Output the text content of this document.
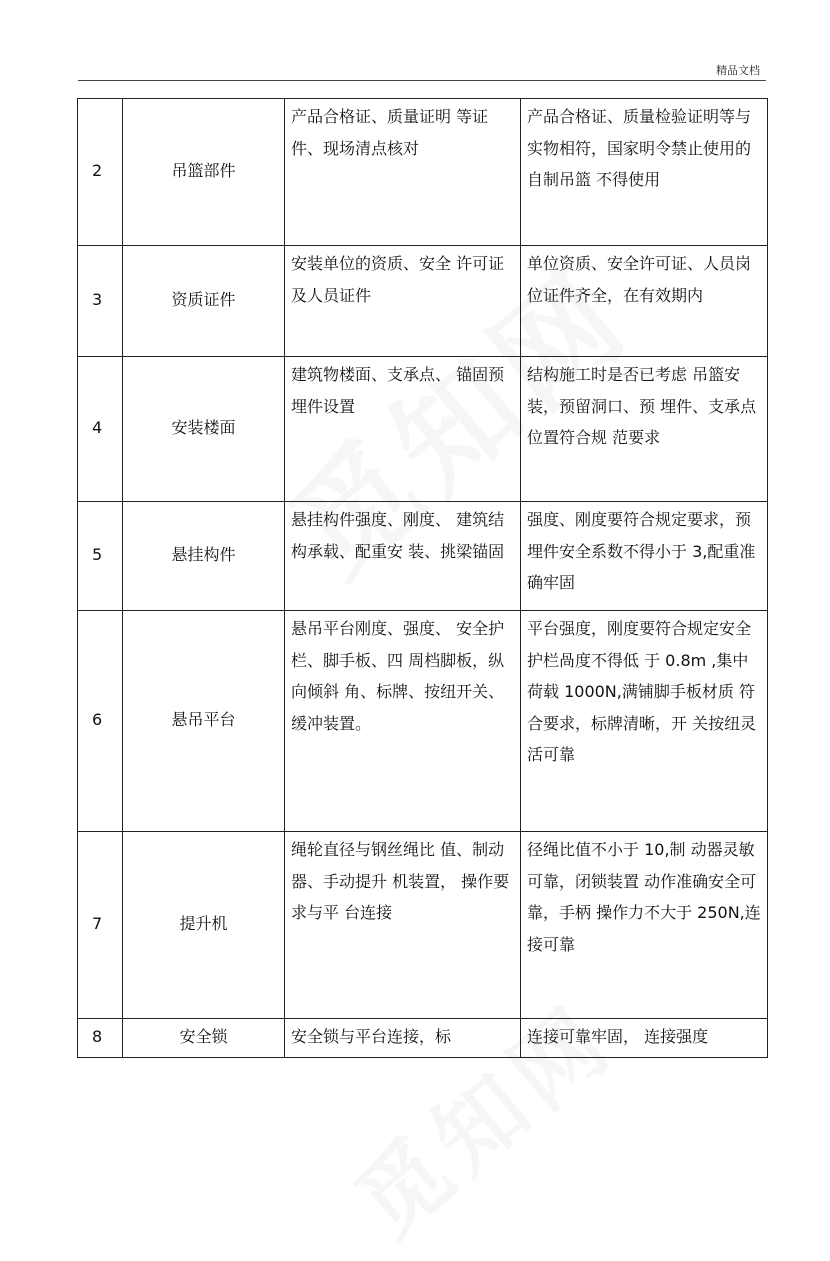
精品文档
2	吊篮部件	产品合格证、质量证明 等证件、现场清点核对	产品合格证、质量检验证明等与实物相符，国家明令禁止使用的自制吊篮 不得使用
3	资质证件	安装单位的资质、安全 许可证及人员证件	单位资质、安全许可证、人员岗位证件齐全，在有效期内
4	安装楼面	建筑物楼面、支承点、 锚固预埋件设置	结构施工时是否已考虑 吊篮安装，预留洞口、预 埋件、支承点位置符合规 范要求
5	悬挂构件	悬挂构件强度、刚度、 建筑结构承载、配重安 装、挑梁锚固	强度、刚度要符合规定要求，预埋件安全系数不得小于 3,配重准确牢固
6	悬吊平台	悬吊平台刚度、强度、 安全护栏、脚手板、四 周档脚板，纵向倾斜 角、标牌、按纽开关、 缓冲装置。	平台强度，刚度要符合规定安全护栏咼度不得低 于 0.8m ,集中荷载 1000N,满铺脚手板材质 符合要求，标牌清晰，开 关按纽灵活可靠
7	提升机	绳轮直径与钢丝绳比 值、制动器、手动提升 机装置， 操作要求与平 台连接	径绳比值不小于 10,制 动器灵敏可靠，闭锁装置 动作准确安全可靠，手柄 操作力不大于 250N,连 接可靠
8	安全锁	安全锁与平台连接，标	连接可靠牢固， 连接强度
